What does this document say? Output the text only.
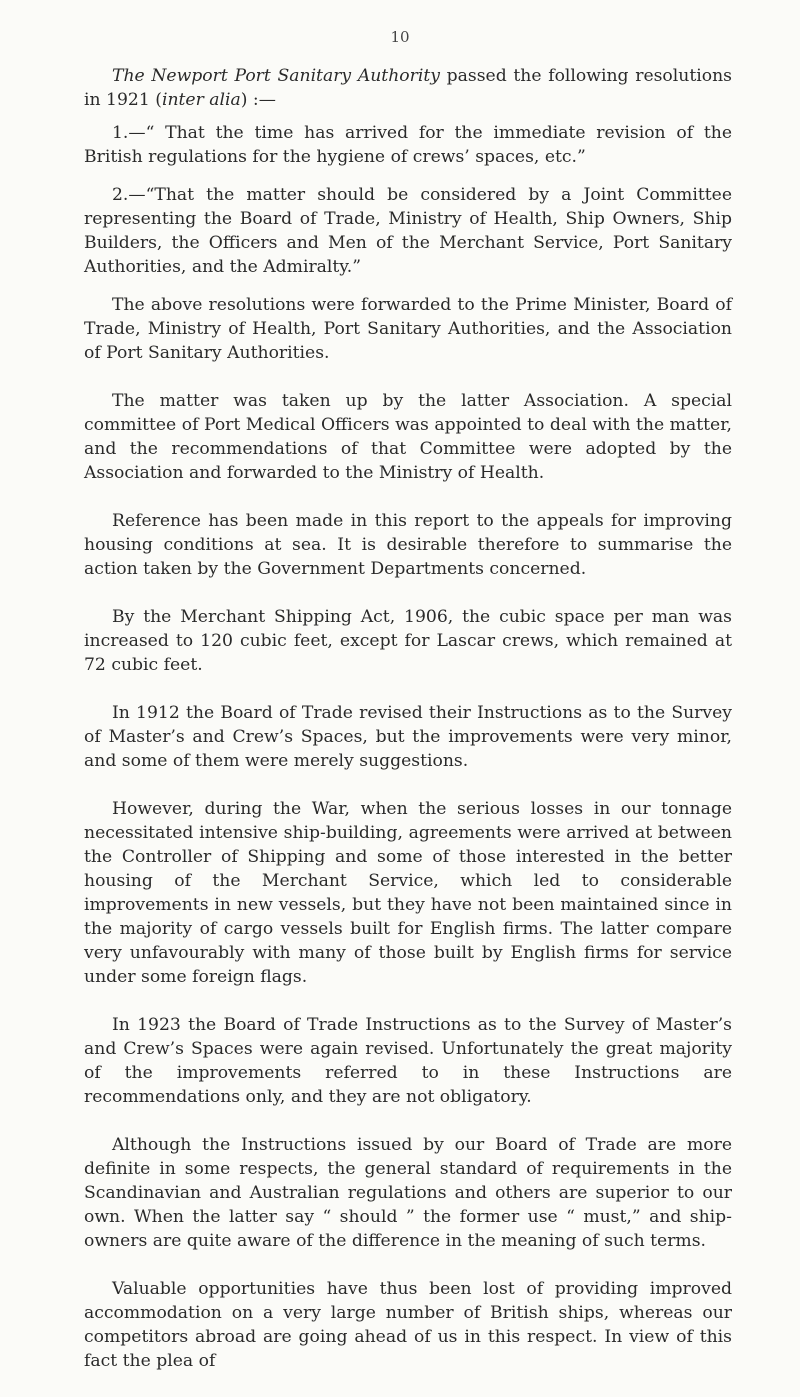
10

The Newport Port Sanitary Authority passed the following resolutions in 1921 (inter alia) :—

1.—“ That the time has arrived for the immediate revision of the British regulations for the hygiene of crews’ spaces, etc.”

2.—“That the matter should be considered by a Joint Committee representing the Board of Trade, Ministry of Health, Ship Owners, Ship Builders, the Officers and Men of the Merchant Service, Port Sanitary Authorities, and the Admiralty.”

The above resolutions were forwarded to the Prime Minister, Board of Trade, Ministry of Health, Port Sanitary Authorities, and the Association of Port Sanitary Authorities.

The matter was taken up by the latter Association. A special committee of Port Medical Officers was appointed to deal with the matter, and the recommendations of that Committee were adopted by the Association and forwarded to the Ministry of Health.

Reference has been made in this report to the appeals for improving housing conditions at sea. It is desirable therefore to summarise the action taken by the Government Departments concerned.

By the Merchant Shipping Act, 1906, the cubic space per man was increased to 120 cubic feet, except for Lascar crews, which remained at 72 cubic feet.

In 1912 the Board of Trade revised their Instructions as to the Survey of Master’s and Crew’s Spaces, but the improvements were very minor, and some of them were merely suggestions.

However, during the War, when the serious losses in our tonnage necessitated intensive ship-building, agreements were arrived at between the Controller of Shipping and some of those interested in the better housing of the Merchant Service, which led to considerable improvements in new vessels, but they have not been maintained since in the majority of cargo vessels built for English firms. The latter compare very unfavourably with many of those built by English firms for service under some foreign flags.

In 1923 the Board of Trade Instructions as to the Survey of Master’s and Crew’s Spaces were again revised. Unfortunately the great majority of the improvements referred to in these Instructions are recommendations only, and they are not obligatory.

Although the Instructions issued by our Board of Trade are more definite in some respects, the general standard of requirements in the Scandinavian and Australian regulations and others are superior to our own. When the latter say “ should ” the former use “ must,” and ship-owners are quite aware of the difference in the meaning of such terms.

Valuable opportunities have thus been lost of providing improved accommodation on a very large number of British ships, whereas our competitors abroad are going ahead of us in this respect. In view of this fact the plea of
